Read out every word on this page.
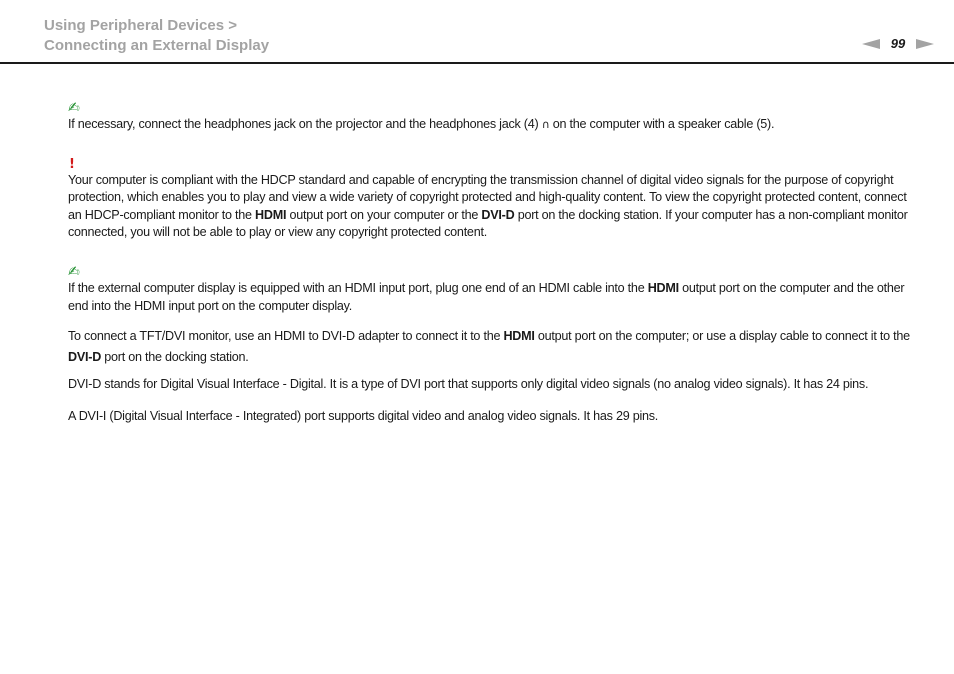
Using Peripheral Devices >
Connecting an External Display	99
✍

If necessary, connect the headphones jack on the projector and the headphones jack (4) ∩ on the computer with a speaker cable (5).

!

Your computer is compliant with the HDCP standard and capable of encrypting the transmission channel of digital video signals for the purpose of copyright protection, which enables you to play and view a wide variety of copyright protected and high-quality content. To view the copyright protected content, connect an HDCP-compliant monitor to the HDMI output port on your computer or the DVI-D port on the docking station. If your computer has a non-compliant monitor connected, you will not be able to play or view any copyright protected content.

✍

If the external computer display is equipped with an HDMI input port, plug one end of an HDMI cable into the HDMI output port on the computer and the other end into the HDMI input port on the computer display.

To connect a TFT/DVI monitor, use an HDMI to DVI-D adapter to connect it to the HDMI output port on the computer; or use a display cable to connect it to the DVI-D port on the docking station.

DVI-D stands for Digital Visual Interface - Digital. It is a type of DVI port that supports only digital video signals (no analog video signals). It has 24 pins.

A DVI-I (Digital Visual Interface - Integrated) port supports digital video and analog video signals. It has 29 pins.
